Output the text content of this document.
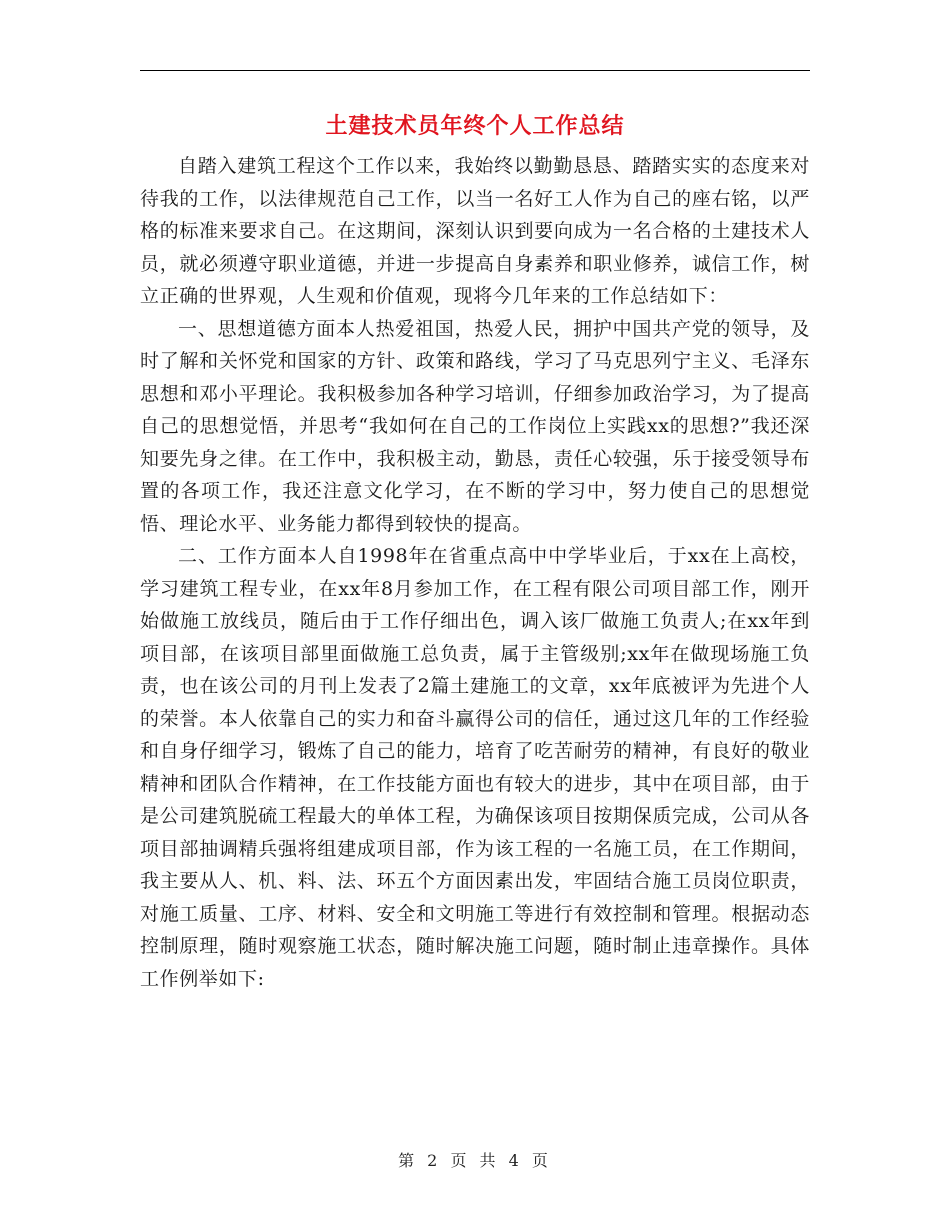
土建技术员年终个人工作总结

自踏入建筑工程这个工作以来，我始终以勤勤恳恳、踏踏实实的态度来对待我的工作，以法律规范自己工作，以当一名好工人作为自己的座右铭，以严格的标准来要求自己。在这期间，深刻认识到要向成为一名合格的土建技术人员，就必须遵守职业道德，并进一步提高自身素养和职业修养，诚信工作，树立正确的世界观，人生观和价值观，现将今几年来的工作总结如下：

一、思想道德方面本人热爱祖国，热爱人民，拥护中国共产党的领导，及时了解和关怀党和国家的方针、政策和路线，学习了马克思列宁主义、毛泽东思想和邓小平理论。我积极参加各种学习培训，仔细参加政治学习，为了提高自己的思想觉悟，并思考“我如何在自己的工作岗位上实践xx的思想?”我还深知要先身之律。在工作中，我积极主动，勤恳，责任心较强，乐于接受领导布置的各项工作，我还注意文化学习，在不断的学习中，努力使自己的思想觉悟、理论水平、业务能力都得到较快的提高。

二、工作方面本人自1998年在省重点高中中学毕业后，于xx在上高校，学习建筑工程专业，在xx年8月参加工作，在工程有限公司项目部工作，刚开始做施工放线员，随后由于工作仔细出色，调入该厂做施工负责人;在xx年到项目部，在该项目部里面做施工总负责，属于主管级别;xx年在做现场施工负责，也在该公司的月刊上发表了2篇土建施工的文章，xx年底被评为先进个人的荣誉。本人依靠自己的实力和奋斗赢得公司的信任，通过这几年的工作经验和自身仔细学习，锻炼了自己的能力，培育了吃苦耐劳的精神，有良好的敬业精神和团队合作精神，在工作技能方面也有较大的进步，其中在项目部，由于是公司建筑脱硫工程最大的单体工程，为确保该项目按期保质完成，公司从各项目部抽调精兵强将组建成项目部，作为该工程的一名施工员，在工作期间，我主要从人、机、料、法、环五个方面因素出发，牢固结合施工员岗位职责，对施工质量、工序、材料、安全和文明施工等进行有效控制和管理。根据动态控制原理，随时观察施工状态，随时解决施工问题，随时制止违章操作。具体工作例举如下:

第 2 页 共 4 页
